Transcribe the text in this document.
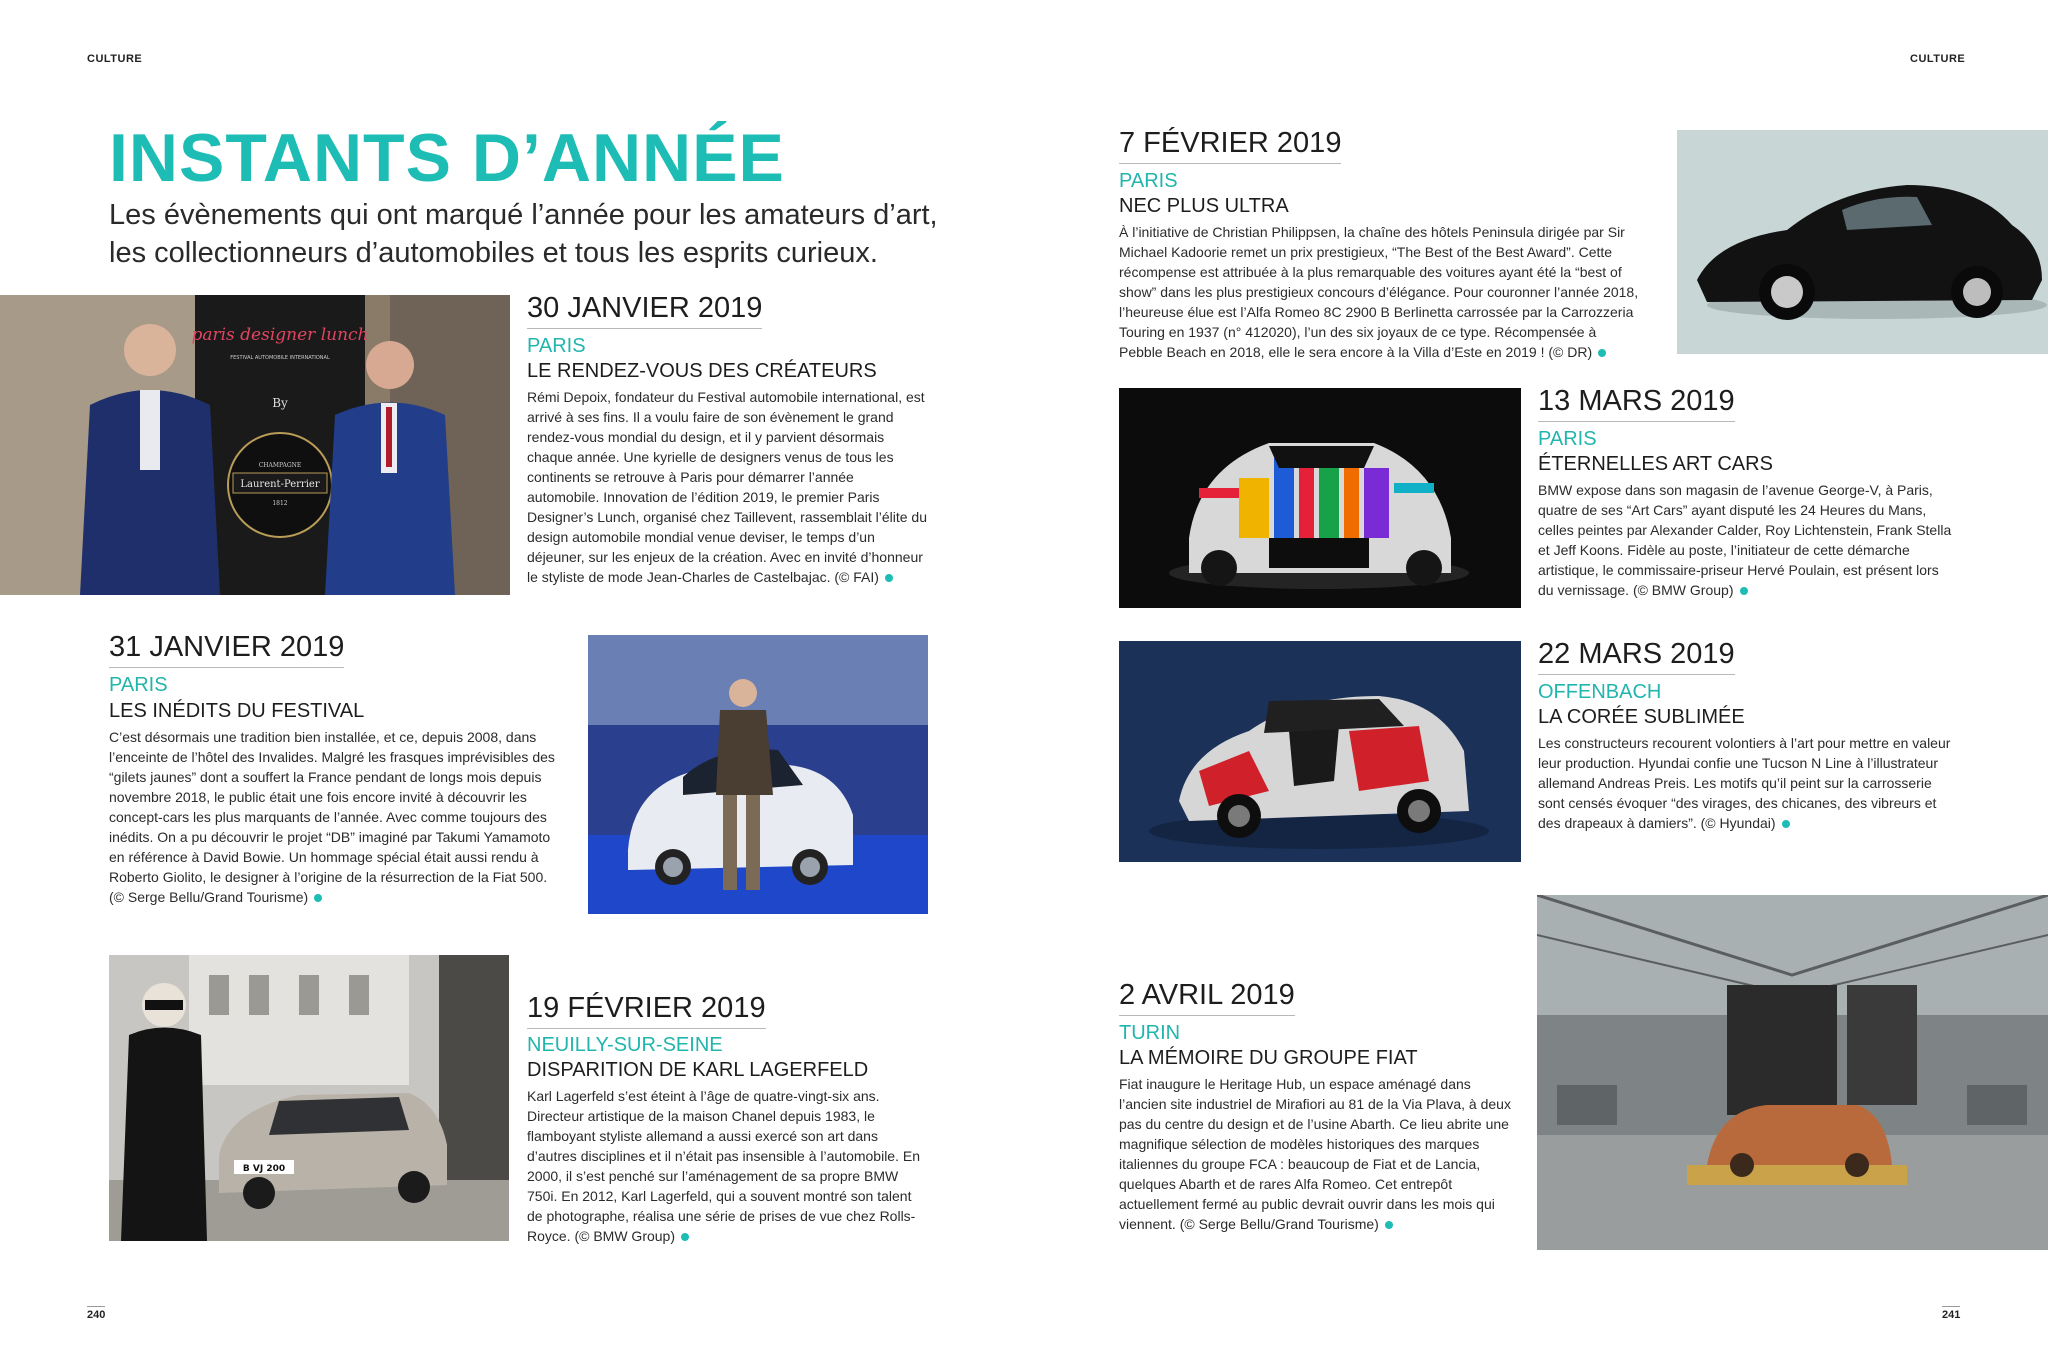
CULTURE
INSTANTS D’ANNÉE

Les évènements qui ont marqué l’année pour les amateurs d’art, les collectionneurs d’automobiles et tous les esprits curieux.

paris designer lunch
FESTIVAL AUTOMOBILE INTERNATIONAL
By
CHAMPAGNE
Laurent-Perrier
1812
30 JANVIER 2019
PARIS
LE RENDEZ-VOUS DES CRÉATEURS
Rémi Depoix, fondateur du Festival automobile international, est arrivé à ses fins. Il a voulu faire de son évènement le grand rendez-vous mondial du design, et il y parvient désormais chaque année. Une kyrielle de designers venus de tous les continents se retrouve à Paris pour démarrer l’année automobile. Innovation de l’édition 2019, le premier Paris Designer’s Lunch, organisé chez Taillevent, rassemblait l’élite du design automobile mondial venue deviser, le temps d’un déjeuner, sur les enjeux de la création. Avec en invité d’honneur le styliste de mode Jean-Charles de Castelbajac. (© FAI)
31 JANVIER 2019
PARIS
LES INÉDITS DU FESTIVAL
C’est désormais une tradition bien installée, et ce, depuis 2008, dans l’enceinte de l’hôtel des Invalides. Malgré les frasques imprévisibles des “gilets jaunes” dont a souffert la France pendant de longs mois depuis novembre 2018, le public était une fois encore invité à découvrir les concept-cars les plus marquants de l’année. Avec comme toujours des inédits. On a pu découvrir le projet “DB” imaginé par Takumi Yamamoto en référence à David Bowie. Un hommage spécial était aussi rendu à Roberto Giolito, le designer à l’origine de la résurrection de la Fiat 500. (© Serge Bellu/Grand Tourisme)
B VJ 200
19 FÉVRIER 2019
NEUILLY-SUR-SEINE
DISPARITION DE KARL LAGERFELD
Karl Lagerfeld s’est éteint à l’âge de quatre-vingt-six ans. Directeur artistique de la maison Chanel depuis 1983, le flamboyant styliste allemand a aussi exercé son art dans d’autres disciplines et il n’était pas insensible à l’automobile. En 2000, il s’est penché sur l’aménagement de sa propre BMW 750i. En 2012, Karl Lagerfeld, qui a souvent montré son talent de photographe, réalisa une série de prises de vue chez Rolls-Royce. (© BMW Group)
240
CULTURE
7 FÉVRIER 2019
PARIS
NEC PLUS ULTRA
À l’initiative de Christian Philippsen, la chaîne des hôtels Peninsula dirigée par Sir Michael Kadoorie remet un prix prestigieux, “The Best of the Best Award”. Cette récompense est attribuée à la plus remarquable des voitures ayant été la “best of show” dans les plus prestigieux concours d’élégance. Pour couronner l’année 2018, l’heureuse élue est l’Alfa Romeo 8C 2900 B Berlinetta carrossée par la Carrozzeria Touring en 1937 (n° 412020), l’un des six joyaux de ce type. Récompensée à Pebble Beach en 2018, elle le sera encore à la Villa d’Este en 2019 ! (© DR)
13 MARS 2019
PARIS
ÉTERNELLES ART CARS
BMW expose dans son magasin de l’avenue George-V, à Paris, quatre de ses “Art Cars” ayant disputé les 24 Heures du Mans, celles peintes par Alexander Calder, Roy Lichtenstein, Frank Stella et Jeff Koons. Fidèle au poste, l’initiateur de cette démarche artistique, le commissaire-priseur Hervé Poulain, est présent lors du vernissage. (© BMW Group)
22 MARS 2019
OFFENBACH
LA CORÉE SUBLIMÉE
Les constructeurs recourent volontiers à l’art pour mettre en valeur leur production. Hyundai confie une Tucson N Line à l’illustrateur allemand Andreas Preis. Les motifs qu’il peint sur la carrosserie sont censés évoquer “des virages, des chicanes, des vibreurs et des drapeaux à damiers”. (© Hyundai)
2 AVRIL 2019
TURIN
LA MÉMOIRE DU GROUPE FIAT
Fiat inaugure le Heritage Hub, un espace aménagé dans l’ancien site industriel de Mirafiori au 81 de la Via Plava, à deux pas du centre du design et de l’usine Abarth. Ce lieu abrite une magnifique sélection de modèles historiques des marques italiennes du groupe FCA : beaucoup de Fiat et de Lancia, quelques Abarth et de rares Alfa Romeo. Cet entrepôt actuellement fermé au public devrait ouvrir dans les mois qui viennent. (© Serge Bellu/Grand Tourisme)
241
